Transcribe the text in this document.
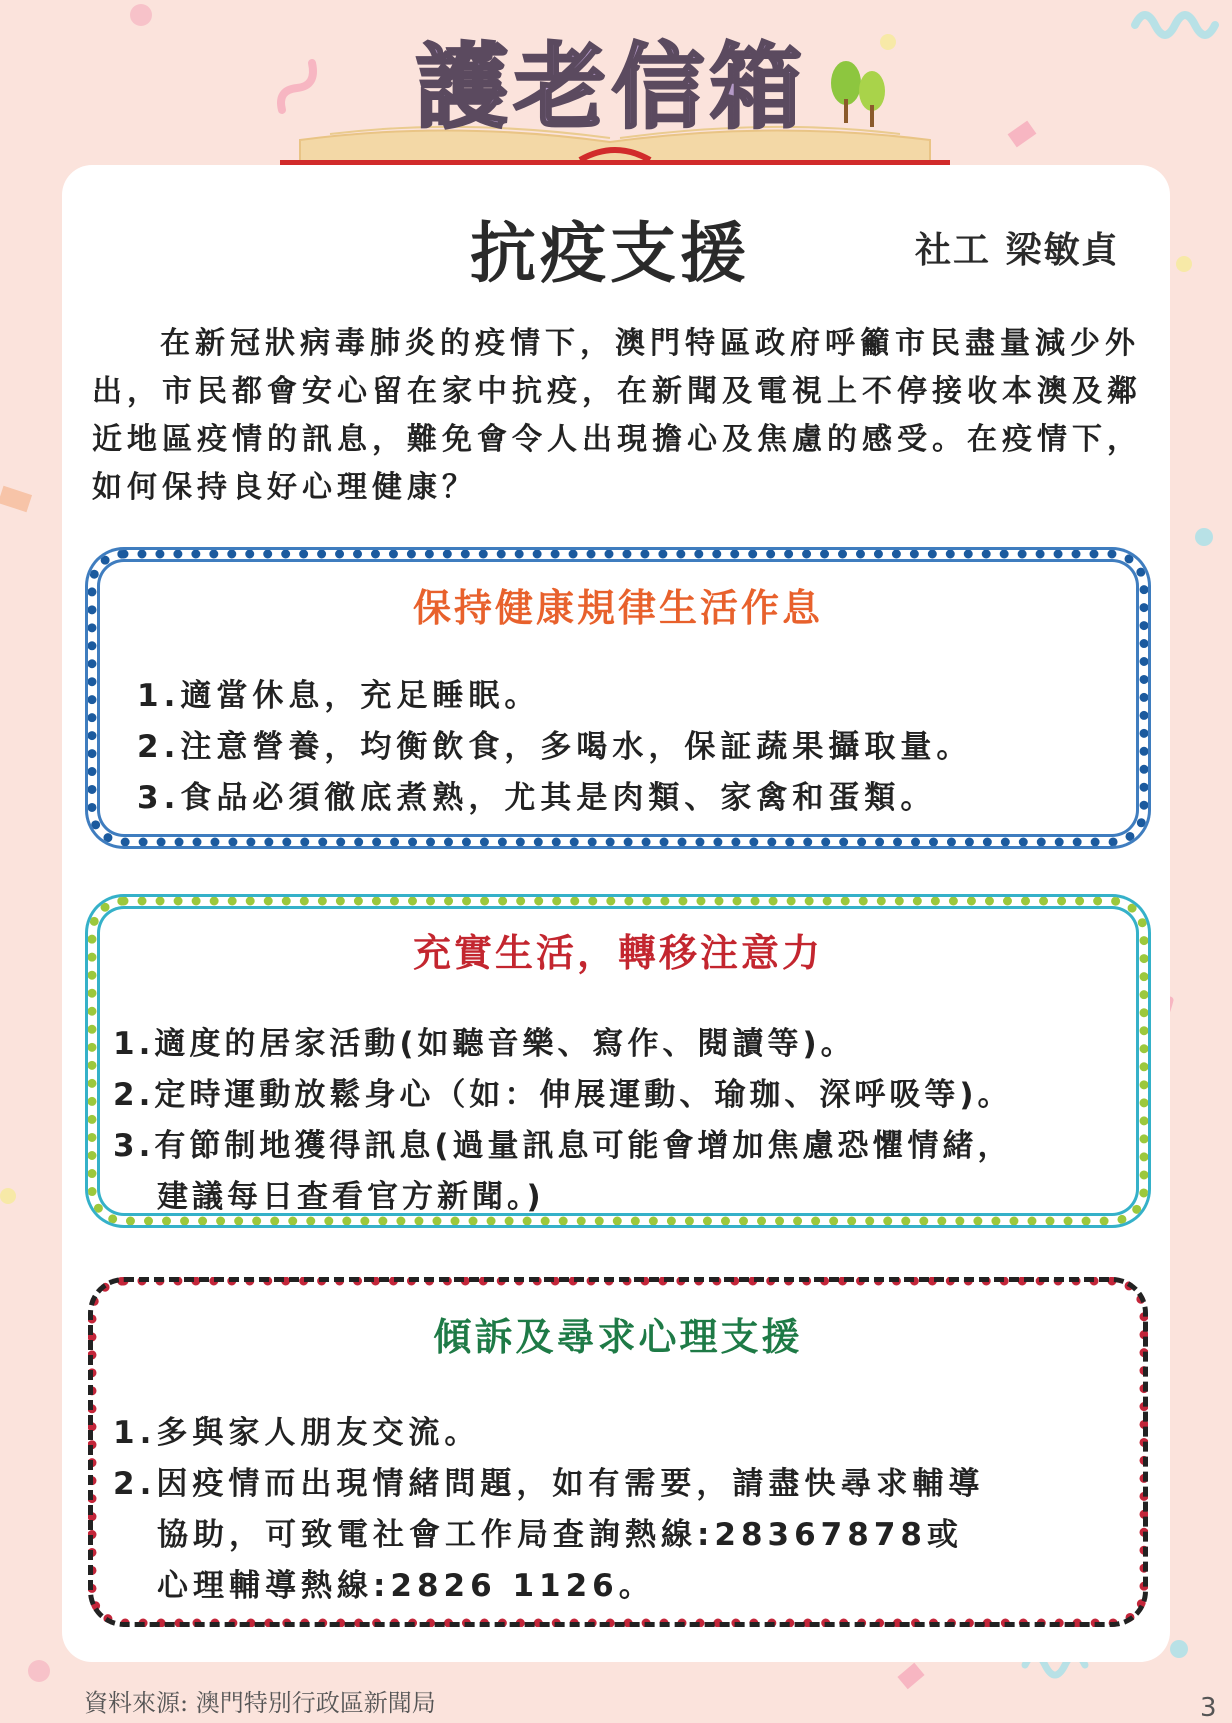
護老信箱
抗疫支援	社工 梁敏貞
在新冠狀病毒肺炎的疫情下，澳門特區政府呼籲市民盡量減少外出，市民都會安心留在家中抗疫，在新聞及電視上不停接收本澳及鄰近地區疫情的訊息，難免會令人出現擔心及焦慮的感受。在疫情下，如何保持良好心理健康？
保持健康規律生活作息
1.適當休息，充足睡眠。
2.注意營養，均衡飲食，多喝水，保証蔬果攝取量。
3.食品必須徹底煮熟，尤其是肉類、家禽和蛋類。
充實生活，轉移注意力
1.適度的居家活動(如聽音樂、寫作、閱讀等)。
2.定時運動放鬆身心（如：伸展運動、瑜珈、深呼吸等)。
3.有節制地獲得訊息(過量訊息可能會增加焦慮恐懼情緒，
建議每日查看官方新聞。)
傾訴及尋求心理支援
1.多與家人朋友交流。
2.因疫情而出現情緒問題，如有需要，請盡快尋求輔導
協助，可致電社會工作局查詢熱線:28367878或
心理輔導熱線:2826 1126。
資料來源: 澳門特別行政區新聞局	3
